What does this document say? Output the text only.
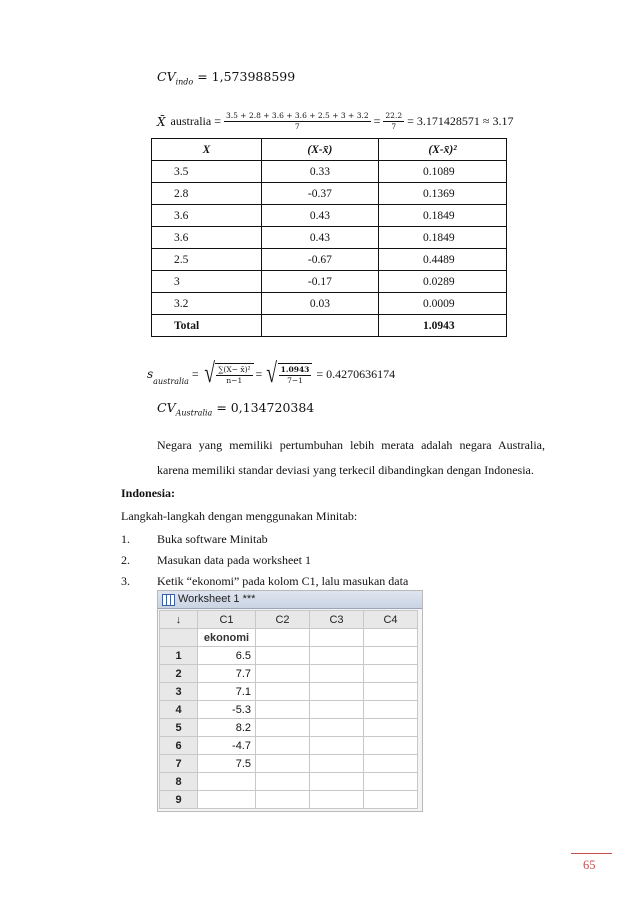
$CV_{indo} = 1,573988599$
X̄ australia = $\frac{3.5 + 2.8 + 3.6 + 3.6 + 2.5 + 3 + 3.2}{7} = \frac{22.2}{7} = 3.171428571 \approx 3.17$
X	(X-x̄)	(X-x̄)²
3.5	0.33	0.1089
2.8	-0.37	0.1369
3.6	0.43	0.1849
3.6	0.43	0.1849
2.5	-0.67	0.4489
3	-0.17	0.0289
3.2	0.03	0.0009
Total		1.0943
s
$_{australia}$
= √ $\frac{\text{∑(X− x̄)²}}{n-1}$ = √ $\frac{1.0943}{7-1} = 0.4270636174$
$CV_{Australia} = 0,134720384$
Negara yang memiliki pertumbuhan lebih merata adalah negara Australia,
karena memiliki standar deviasi yang terkecil dibandingkan dengan Indonesia.
Indonesia:
Langkah-langkah dengan menggunakan Minitab:
1. Buka software Minitab
2. Masukan data pada worksheet 1
3. Ketik “ekonomi” pada kolom C1, lalu masukan data
Worksheet 1 ***
↓	C1	C2	C3	C4
	ekonomi			
1	6.5			
2	7.7			
3	7.1			
4	-5.3			
5	8.2			
6	-4.7			
7	7.5			
8				
9				
65
